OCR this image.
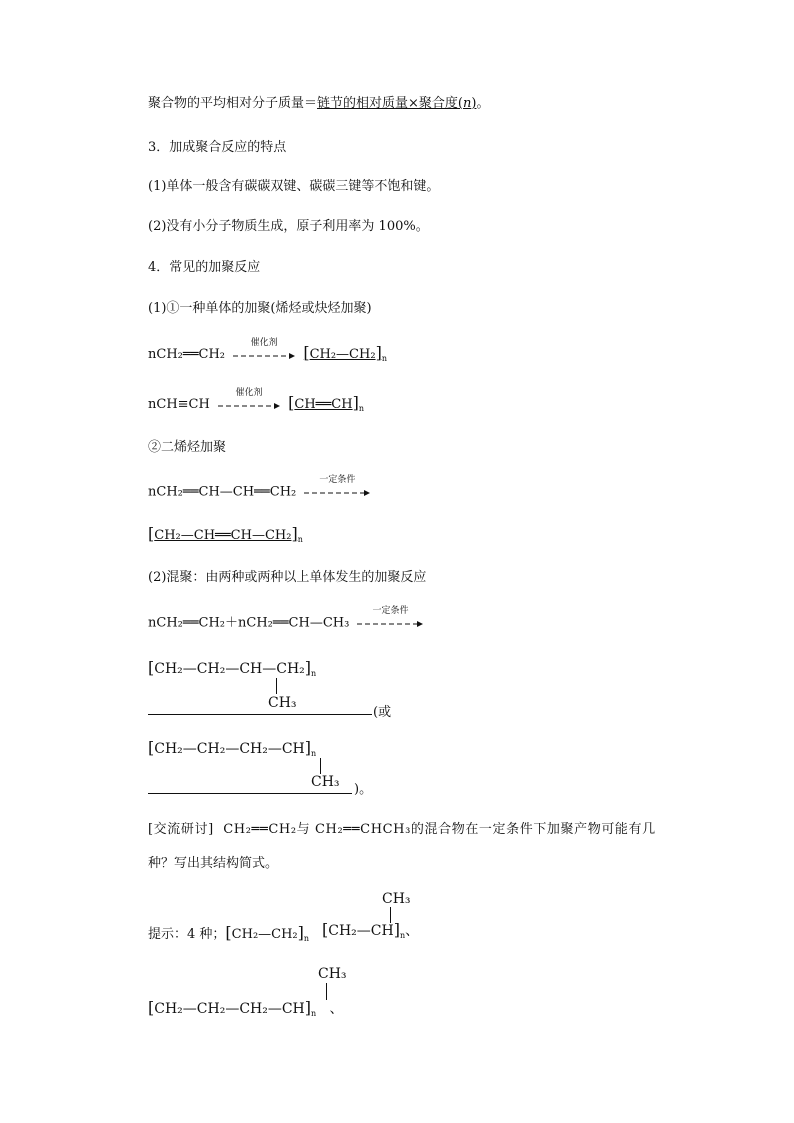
聚合物的平均相对分子质量＝链节的相对质量×聚合度(n)。
3．加成聚合反应的特点
(1)单体一般含有碳碳双键、碳碳三键等不饱和键。
(2)没有小分子物质生成，原子利用率为 100%。
4．常见的加聚反应
(1)①一种单体的加聚(烯烃或炔烃加聚)
nCH₂══CH₂
催化剂
$[CH_2—CH_2]_n$
nCH≡CH
催化剂
$[CH══CH]_n$
②二烯烃加聚
nCH₂══CH—CH══CH₂
一定条件
$[CH_2—CH══CH—CH_2]_n$
(2)混聚：由两种或两种以上单体发生的加聚反应
nCH₂══CH₂＋nCH₂══CH—CH₃
一定条件
$[CH_2—CH_2—CH—CH_2]_n$
CH₃
(或
$[CH_2—CH_2—CH_2—CH]_n$
CH₃ )。
[交流研讨] CH₂══CH₂与 CH₂══CHCH₃的混合物在一定条件下加聚产物可能有几
种？写出其结构简式。
提示：4 种；$[CH_2—CH_2]_n$ $[CH_2—CH]_n$、
CH₃
$[CH_2—CH_2—CH_2—CH]_n$ 、
CH₃
